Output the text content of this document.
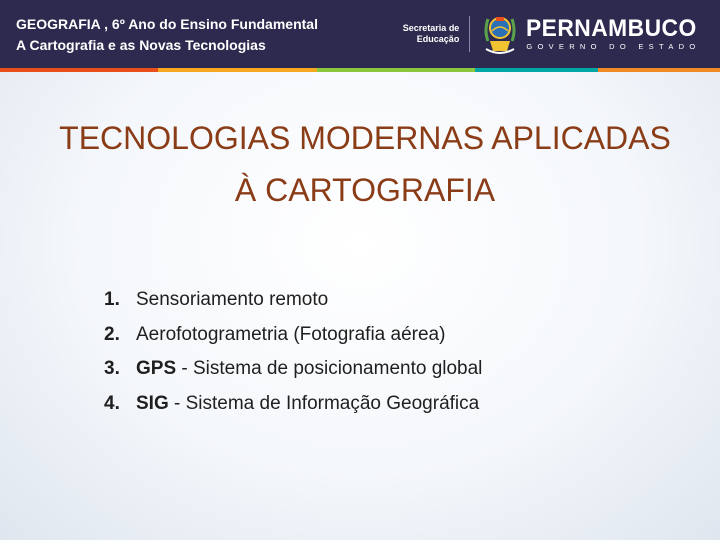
GEOGRAFIA , 6º Ano do Ensino Fundamental
A Cartografia e as Novas Tecnologias
Secretaria de
Educação	PERNAMBUCO
GOVERNO DO ESTADO
TECNOLOGIAS MODERNAS APLICADAS
À CARTOGRAFIA
1. Sensoriamento remoto
2. Aerofotogrametria (Fotografia aérea)
3. GPS - Sistema de posicionamento global
4. SIG - Sistema de Informação Geográfica
